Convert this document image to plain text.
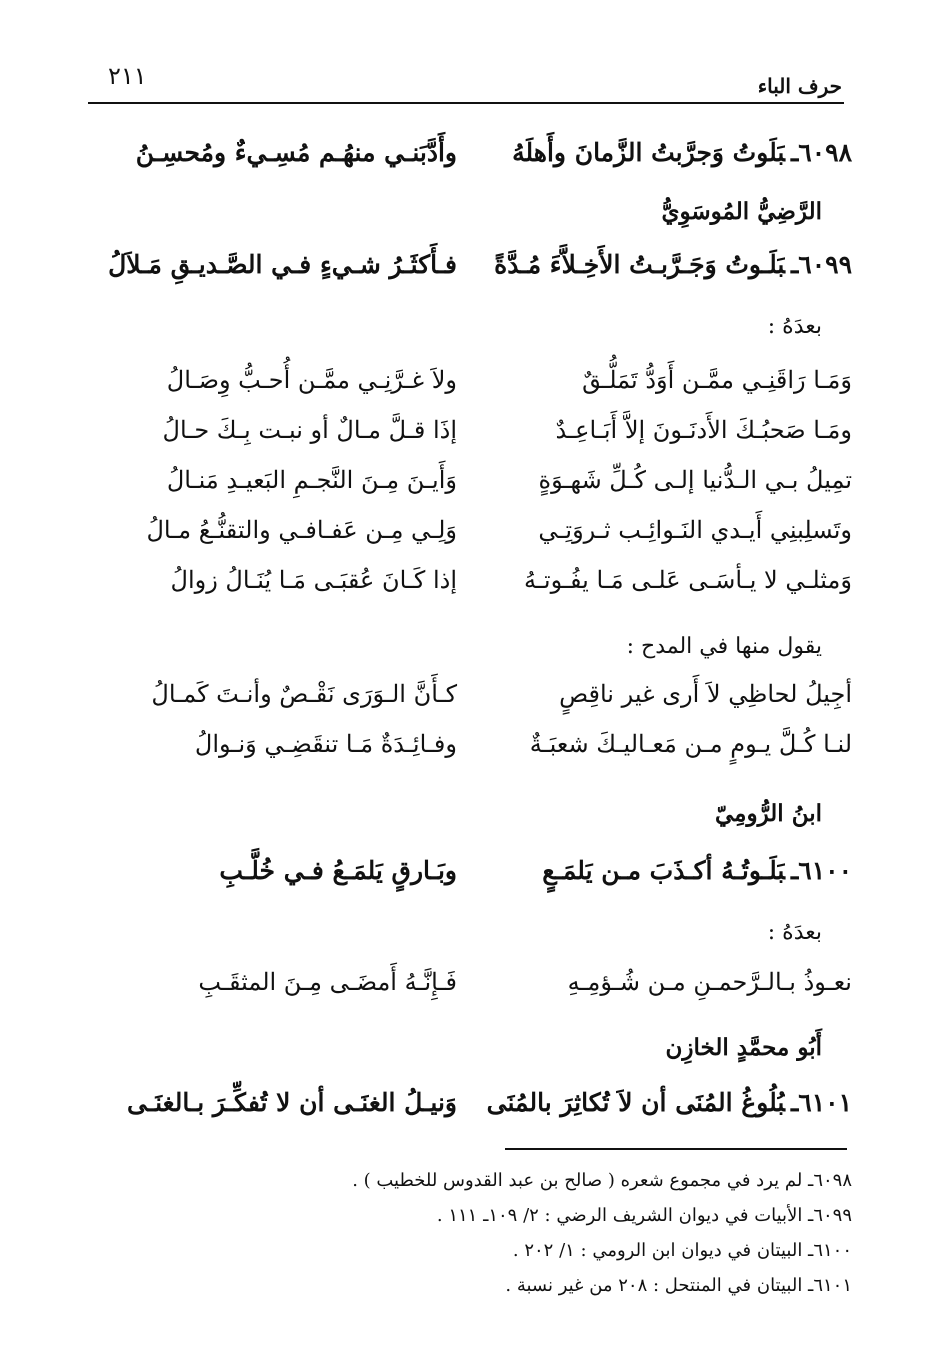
٢١١	حرف الباء
٦٠٩٨ـبَلَوتُ وَجرَّبتُ الزَّمانَ وأَهلَهُ
وأَدَّبَنـي منهُـم مُسِـيءٌ ومُحسِـنُ
الرَّضِيُّ المُوسَوِيُّ
٦٠٩٩ـبَلَـوتُ وَجَـرَّبـتُ الأَخِـلاَّءَ مُـدَّةً
فـأَكثَـرُ شـيءٍ فـي الصَّـديـقِ مَـلاَلُ
بعدَهُ :
وَمَـا رَاقَنِـي ممَّـن أَوَدُّ تَمَلُّـقٌ
ولاَ غـرَّنِـي ممَّـن أُحـبُّ وِصَـالُ
ومَـا صَحبُـكَ الأَدنَـونَ إلاَّ أَبَـاعِـدٌ
إذَا قـلَّ مـالٌ أو نبـت بِـكَ حـالُ
تمِيلُ بـي الـدُّنيا إلـى كُـلِّ شَهـوَةٍ
وَأَيـنَ مِـنَ النَّجـمِ البَعيـدِ مَنـالُ
وتَسلِبنِي أَيـدي النَـوائِـب ثـروَتِـي
وَلِـي مِـن عَفـافـي والتقنُّـعُ مـالُ
وَمثلـي لا يـأسَـى عَلـى مَـا يفُـوتـهُ
إذا كَـانَ عُقبَـى مَـا يُنَـالُ زوالُ
يقول منها في المدح :
أجِيلُ لحاظِي لاَ أَرى غير ناقِصٍ
كـأَنَّ الـوَرَى نَقْـصٌ وأنـتَ كَمـالُ
لنـا كُـلَّ يـومٍ مـن مَعـاليـكَ شعبَـةٌ
وفـائِـدَةٌ مَـا تنقَضِـي وَنـوالُ
ابنُ الرُّومِيّ
٦١٠٠ـبَلَـوتُـهُ أكـذَبَ مـن يَلمَـعٍ
وبَـارقٍ يَلمَـعُ فـي خُلَّـبِ
بعدَهُ :
نعـوذُ بـالـرَّحمـنِ مـن شُـؤمِـهِ
فَـإِنَّـهُ أَمضَـى مِـنَ المثقَـبِ
أَبُو محمَّدٍ الخازِن
٦١٠١ـبُلُوغُ المُنَى أن لاَ تُكاثِرَ بالمُنَى
وَنيـلُ الغنَـى أن لا تُفكِّـرَ بـالغنَـى
٦٠٩٨ـ لم يرد في مجموع شعره ( صالح بن عبد القدوس للخطيب ) .
٦٠٩٩ـ الأبيات في ديوان الشريف الرضي : ٢/ ١٠٩ـ ١١١ .
٦١٠٠ـ البيتان في ديوان ابن الرومي : ١/ ٢٠٢ .
٦١٠١ـ البيتان في المنتحل : ٢٠٨ من غير نسبة .
